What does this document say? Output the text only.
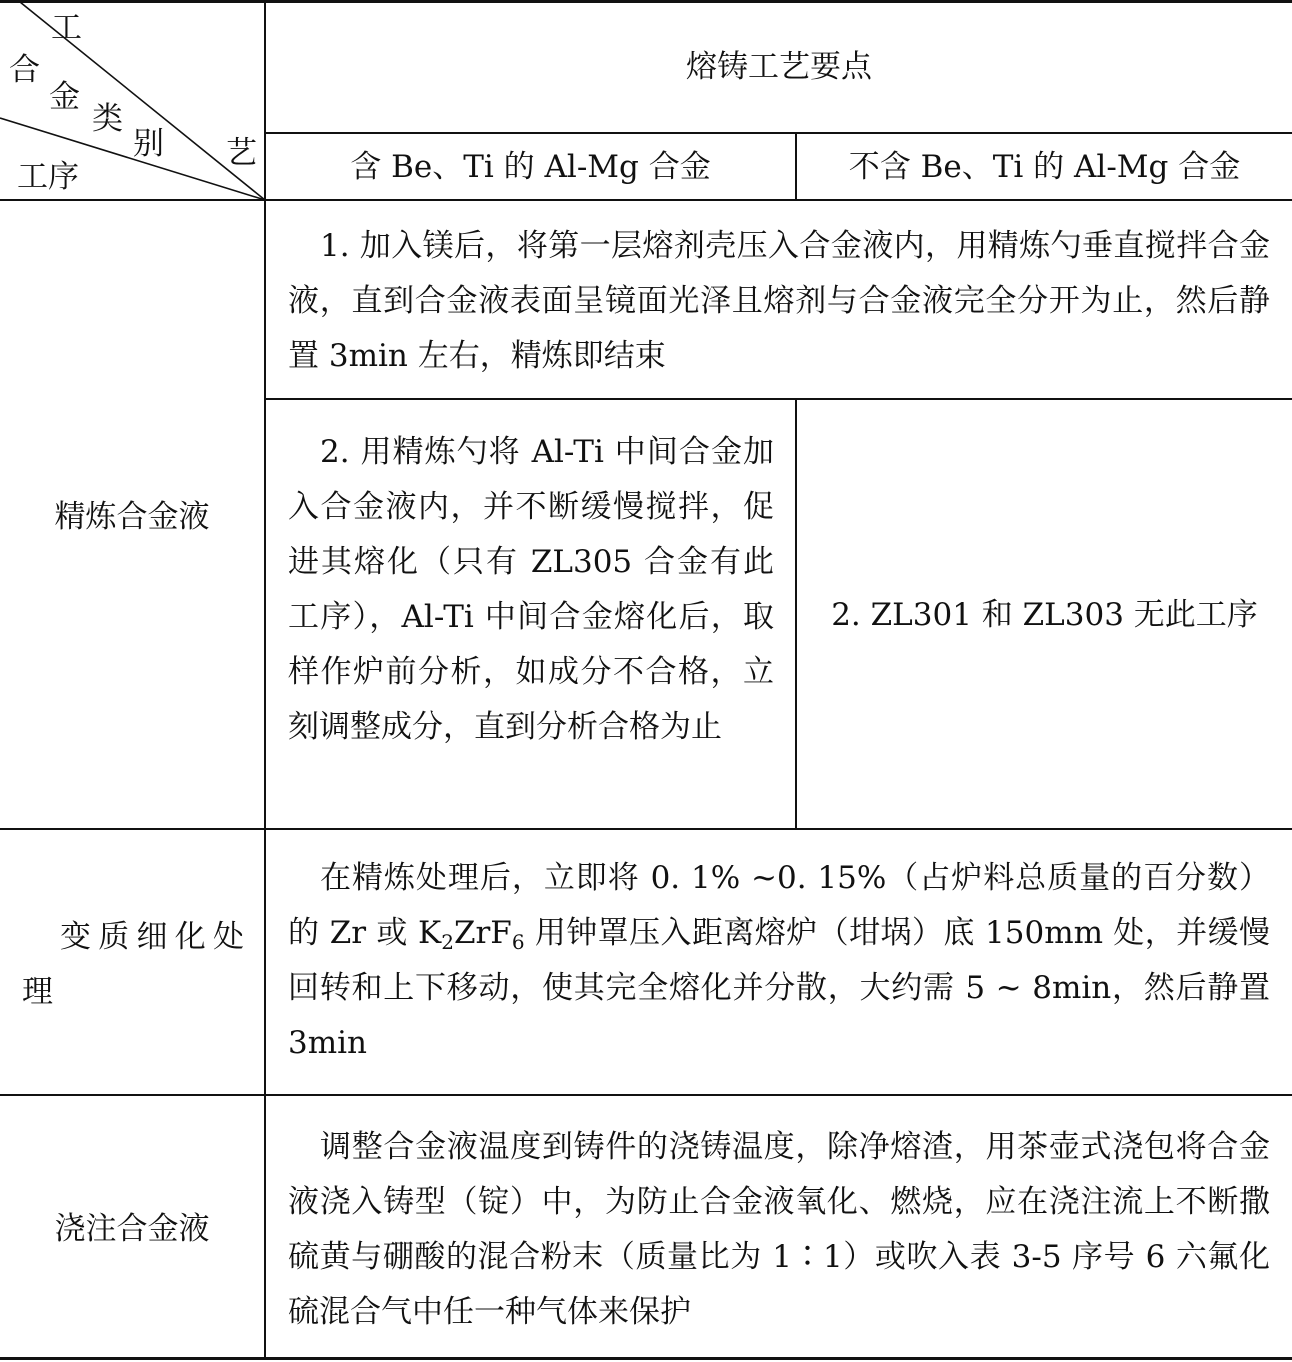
工
合
金
类
别 艺
工序
熔铸工艺要点
含 Be、Ti 的 Al-Mg 合金	不含 Be、Ti 的 Al-Mg 合金
精炼合金液

1. 加入镁后，将第一层熔剂壳压入合金液内，用精炼勺垂直搅拌合金液，直到合金液表面呈镜面光泽且熔剂与合金液完全分开为止，然后静置 3min 左右，精炼即结束

2. 用精炼勺将 Al-Ti 中间合金加入合金液内，并不断缓慢搅拌，促进其熔化（只有 ZL305 合金有此工序），Al-Ti 中间合金熔化后，取样作炉前分析，如成分不合格，立刻调整成分，直到分析合格为止

2. ZL301 和 ZL303 无此工序

变质细化处理

在精炼处理后，立即将 0. 1% ~0. 15%（占炉料总质量的百分数）的 Zr 或 $K_2ZrF_6$ 用钟罩压入距离熔炉（坩埚）底 150mm 处，并缓慢回转和上下移动，使其完全熔化并分散，大约需 5 ~ 8min，然后静置 3min

浇注合金液

调整合金液温度到铸件的浇铸温度，除净熔渣，用茶壶式浇包将合金液浇入铸型（锭）中，为防止合金液氧化、燃烧，应在浇注流上不断撒硫黄与硼酸的混合粉末（质量比为 1∶1）或吹入表 3-5 序号 6 六氟化硫混合气中任一种气体来保护
